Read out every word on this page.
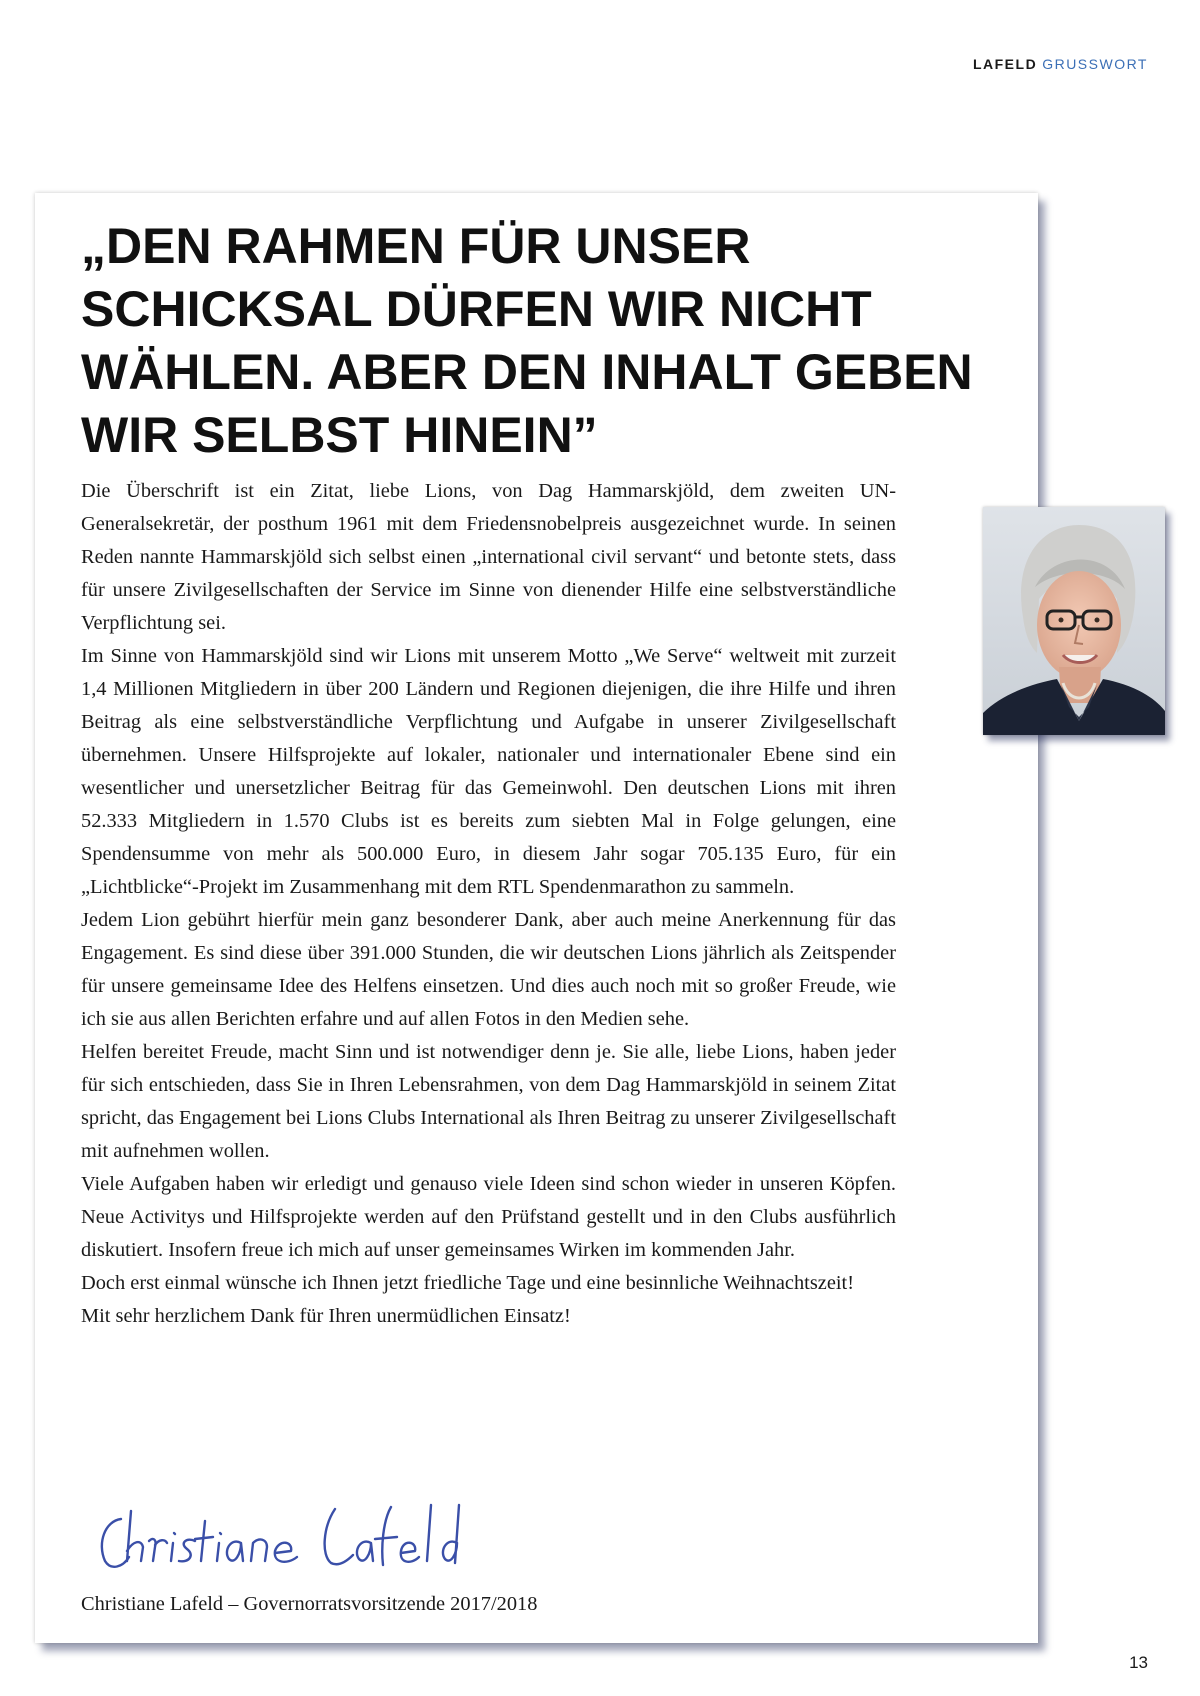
LAFELD GRUSSWORT
„DEN RAHMEN FÜR UNSER SCHICKSAL DÜRFEN WIR NICHT WÄHLEN. ABER DEN INHALT GEBEN WIR SELBST HINEIN”

Die Überschrift ist ein Zitat, liebe Lions, von Dag Hammarskjöld, dem zweiten UN-Generalsekretär, der posthum 1961 mit dem Friedensnobelpreis ausgezeichnet wurde. In seinen Reden nannte Hammarskjöld sich selbst einen „international civil servant“ und betonte stets, dass für unsere Zivilgesellschaften der Service im Sinne von dienender Hilfe eine selbstverständliche Verpflichtung sei.

Im Sinne von Hammarskjöld sind wir Lions mit unserem Motto „We Serve“ weltweit mit zurzeit 1,4 Millionen Mitgliedern in über 200 Ländern und Regionen diejenigen, die ihre Hilfe und ihren Beitrag als eine selbstverständliche Verpflichtung und Aufgabe in unserer Zivilgesellschaft übernehmen. Unsere Hilfsprojekte auf lokaler, nationaler und internationaler Ebene sind ein wesentlicher und unersetzlicher Beitrag für das Gemeinwohl. Den deutschen Lions mit ihren 52.333 Mitgliedern in 1.570 Clubs ist es bereits zum siebten Mal in Folge gelungen, eine Spendensumme von mehr als 500.000 Euro, in diesem Jahr sogar 705.135 Euro, für ein „Lichtblicke“-Projekt im Zusammenhang mit dem RTL Spendenmarathon zu sammeln.

Jedem Lion gebührt hierfür mein ganz besonderer Dank, aber auch meine Anerkennung für das Engagement. Es sind diese über 391.000 Stunden, die wir deutschen Lions jährlich als Zeitspender für unsere gemeinsame Idee des Helfens einsetzen. Und dies auch noch mit so großer Freude, wie ich sie aus allen Berichten erfahre und auf allen Fotos in den Medien sehe.

Helfen bereitet Freude, macht Sinn und ist notwendiger denn je. Sie alle, liebe Lions, haben jeder für sich entschieden, dass Sie in Ihren Lebensrahmen, von dem Dag Hammarskjöld in seinem Zitat spricht, das Engagement bei Lions Clubs International als Ihren Beitrag zu unserer Zivilgesellschaft mit aufnehmen wollen.

Viele Aufgaben haben wir erledigt und genauso viele Ideen sind schon wieder in unseren Köpfen. Neue Activitys und Hilfsprojekte werden auf den Prüfstand gestellt und in den Clubs ausführlich diskutiert. Insofern freue ich mich auf unser gemeinsames Wirken im kommenden Jahr.

Doch erst einmal wünsche ich Ihnen jetzt friedliche Tage und eine besinnliche Weihnachtszeit!

Mit sehr herzlichem Dank für Ihren unermüdlichen Einsatz!

Christiane Lafeld – Governorratsvorsitzende 2017/2018
13
